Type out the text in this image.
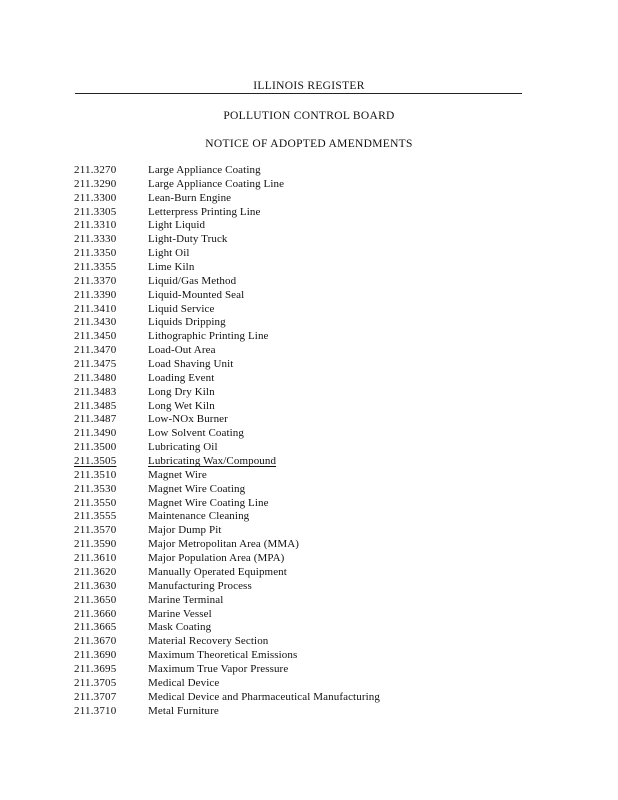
ILLINOIS REGISTER
POLLUTION CONTROL BOARD
NOTICE OF ADOPTED AMENDMENTS
211.3270	Large Appliance Coating
211.3290	Large Appliance Coating Line
211.3300	Lean-Burn Engine
211.3305	Letterpress Printing Line
211.3310	Light Liquid
211.3330	Light-Duty Truck
211.3350	Light Oil
211.3355	Lime Kiln
211.3370	Liquid/Gas Method
211.3390	Liquid-Mounted Seal
211.3410	Liquid Service
211.3430	Liquids Dripping
211.3450	Lithographic Printing Line
211.3470	Load-Out Area
211.3475	Load Shaving Unit
211.3480	Loading Event
211.3483	Long Dry Kiln
211.3485	Long Wet Kiln
211.3487	Low-NOx Burner
211.3490	Low Solvent Coating
211.3500	Lubricating Oil
211.3505	Lubricating Wax/Compound
211.3510	Magnet Wire
211.3530	Magnet Wire Coating
211.3550	Magnet Wire Coating Line
211.3555	Maintenance Cleaning
211.3570	Major Dump Pit
211.3590	Major Metropolitan Area (MMA)
211.3610	Major Population Area (MPA)
211.3620	Manually Operated Equipment
211.3630	Manufacturing Process
211.3650	Marine Terminal
211.3660	Marine Vessel
211.3665	Mask Coating
211.3670	Material Recovery Section
211.3690	Maximum Theoretical Emissions
211.3695	Maximum True Vapor Pressure
211.3705	Medical Device
211.3707	Medical Device and Pharmaceutical Manufacturing
211.3710	Metal Furniture
